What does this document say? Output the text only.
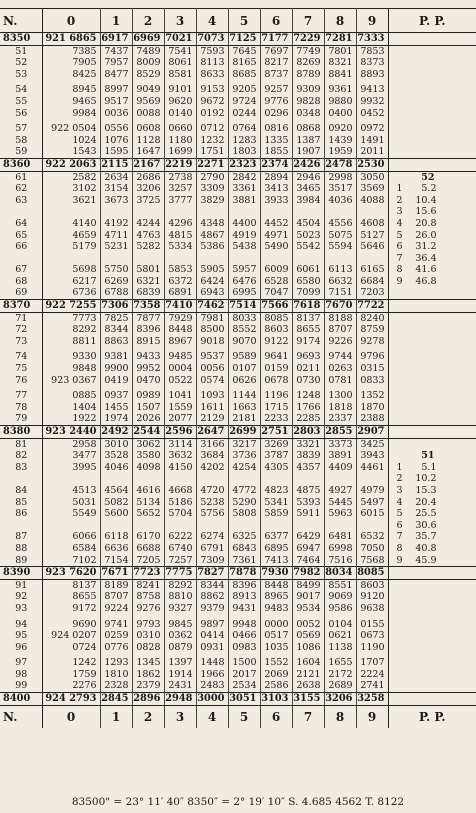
N.	0	1	2	3	4	5	6	7	8	9	P. P.
8350	921 6865	6917	6969	7021	7073	7125	7177	7229	7281	7333	
51	7385	7437	7489	7541	7593	7645	7697	7749	7801	7853	
52	7905	7957	8009	8061	8113	8165	8217	8269	8321	8373	
53	8425	8477	8529	8581	8633	8685	8737	8789	8841	8893	

54	8945	8997	9049	9101	9153	9205	9257	9309	9361	9413	
55	9465	9517	9569	9620	9672	9724	9776	9828	9880	9932	
56	9984	0036	0088	0140	0192	0244	0296	0348	0400	0452	

57	922 0504	0556	0608	0660	0712	0764	0816	0868	0920	0972	
58	1024	1076	1128	1180	1232	1283	1335	1387	1439	1491	
59	1543	1595	1647	1699	1751	1803	1855	1907	1959	2011	
8360	922 2063	2115	2167	2219	2271	2323	2374	2426	2478	2530	
61	2582	2634	2686	2738	2790	2842	2894	2946	2998	3050	52
62	3102	3154	3206	3257	3309	3361	3413	3465	3517	3569	1 5.2
63	3621	3673	3725	3777	3829	3881	3933	3984	4036	4088	2 10.4
											3 15.6
64	4140	4192	4244	4296	4348	4400	4452	4504	4556	4608	4 20.8
65	4659	4711	4763	4815	4867	4919	4971	5023	5075	5127	5 26.0
66	5179	5231	5282	5334	5386	5438	5490	5542	5594	5646	6 31.2
											7 36.4
67	5698	5750	5801	5853	5905	5957	6009	6061	6113	6165	8 41.6
68	6217	6269	6321	6372	6424	6476	6528	6580	6632	6684	9 46.8
69	6736	6788	6839	6891	6943	6995	7047	7099	7151	7203	
8370	922 7255	7306	7358	7410	7462	7514	7566	7618	7670	7722	
71	7773	7825	7877	7929	7981	8033	8085	8137	8188	8240	
72	8292	8344	8396	8448	8500	8552	8603	8655	8707	8759	
73	8811	8863	8915	8967	9018	9070	9122	9174	9226	9278	

74	9330	9381	9433	9485	9537	9589	9641	9693	9744	9796	
75	9848	9900	9952	0004	0056	0107	0159	0211	0263	0315	
76	923 0367	0419	0470	0522	0574	0626	0678	0730	0781	0833	

77	0885	0937	0989	1041	1093	1144	1196	1248	1300	1352	
78	1404	1455	1507	1559	1611	1663	1715	1766	1818	1870	
79	1922	1974	2026	2077	2129	2181	2233	2285	2337	2388	
8380	923 2440	2492	2544	2596	2647	2699	2751	2803	2855	2907	
81	2958	3010	3062	3114	3166	3217	3269	3321	3373	3425	
82	3477	3528	3580	3632	3684	3736	3787	3839	3891	3943	51
83	3995	4046	4098	4150	4202	4254	4305	4357	4409	4461	1 5.1
											2 10.2
84	4513	4564	4616	4668	4720	4772	4823	4875	4927	4979	3 15.3
85	5031	5082	5134	5186	5238	5290	5341	5393	5445	5497	4 20.4
86	5549	5600	5652	5704	5756	5808	5859	5911	5963	6015	5 25.5
											6 30.6
87	6066	6118	6170	6222	6274	6325	6377	6429	6481	6532	7 35.7
88	6584	6636	6688	6740	6791	6843	6895	6947	6998	7050	8 40.8
89	7102	7154	7205	7257	7309	7361	7413	7464	7516	7568	9 45.9
8390	923 7620	7671	7723	7775	7827	7878	7930	7982	8034	8085	
91	8137	8189	8241	8292	8344	8396	8448	8499	8551	8603	
92	8655	8707	8758	8810	8862	8913	8965	9017	9069	9120	
93	9172	9224	9276	9327	9379	9431	9483	9534	9586	9638	

94	9690	9741	9793	9845	9897	9948	0000	0052	0104	0155	
95	924 0207	0259	0310	0362	0414	0466	0517	0569	0621	0673	
96	0724	0776	0828	0879	0931	0983	1035	1086	1138	1190	

97	1242	1293	1345	1397	1448	1500	1552	1604	1655	1707	
98	1759	1810	1862	1914	1966	2017	2069	2121	2172	2224	
99	2276	2328	2379	2431	2483	2534	2586	2638	2689	2741	
8400	924 2793	2845	2896	2948	3000	3051	3103	3155	3206	3258	
N.	0	1	2	3	4	5	6	7	8	9	P. P.
83500" = 23° 11′ 40″ 8350″ = 2° 19′ 10″ S. 4.685 4562 T. 8122
